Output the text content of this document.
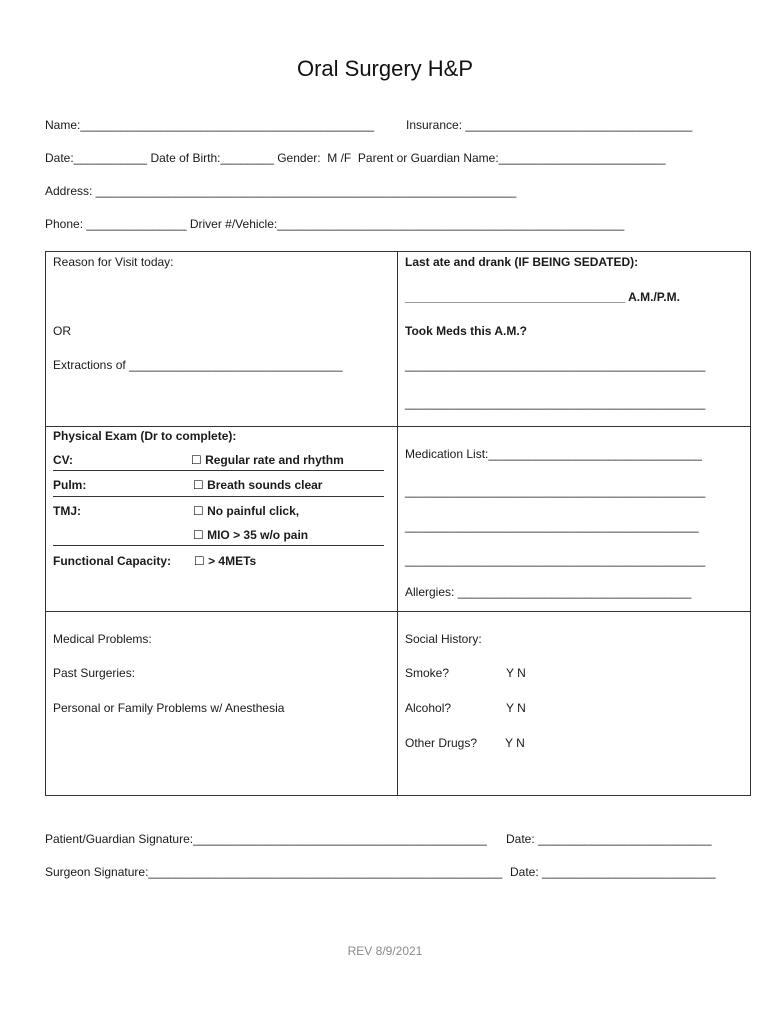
Oral Surgery H&P
Name:____________________________________________	Insurance: __________________________________
Date:___________ Date of Birth:________ Gender: M /F Parent or Guardian Name:_________________________
Address: _______________________________________________________________
Phone: _______________ Driver #/Vehicle:____________________________________________________
Reason for Visit today:
OR
Extractions of ________________________________
Last ate and drank (IF BEING SEDATED):
_________________________________ A.M./P.M.
Took Meds this A.M.?
_____________________________________________
_____________________________________________
Physical Exam (Dr to complete):
CV:	☐ Regular rate and rhythm
Pulm:	☐ Breath sounds clear
TMJ:	☐ No painful click,
☐ MIO > 35 w/o pain
Functional Capacity: ☐ > 4METs
Medication List:________________________________
_____________________________________________
____________________________________________
_____________________________________________
Allergies: ___________________________________
Medical Problems:
Past Surgeries:
Personal or Family Problems w/ Anesthesia
Social History:
Smoke?	Y N
Alcohol?	Y N
Other Drugs? Y N
Patient/Guardian Signature:____________________________________________ Date: __________________________
Surgeon Signature:_____________________________________________________ Date: __________________________
REV 8/9/2021
